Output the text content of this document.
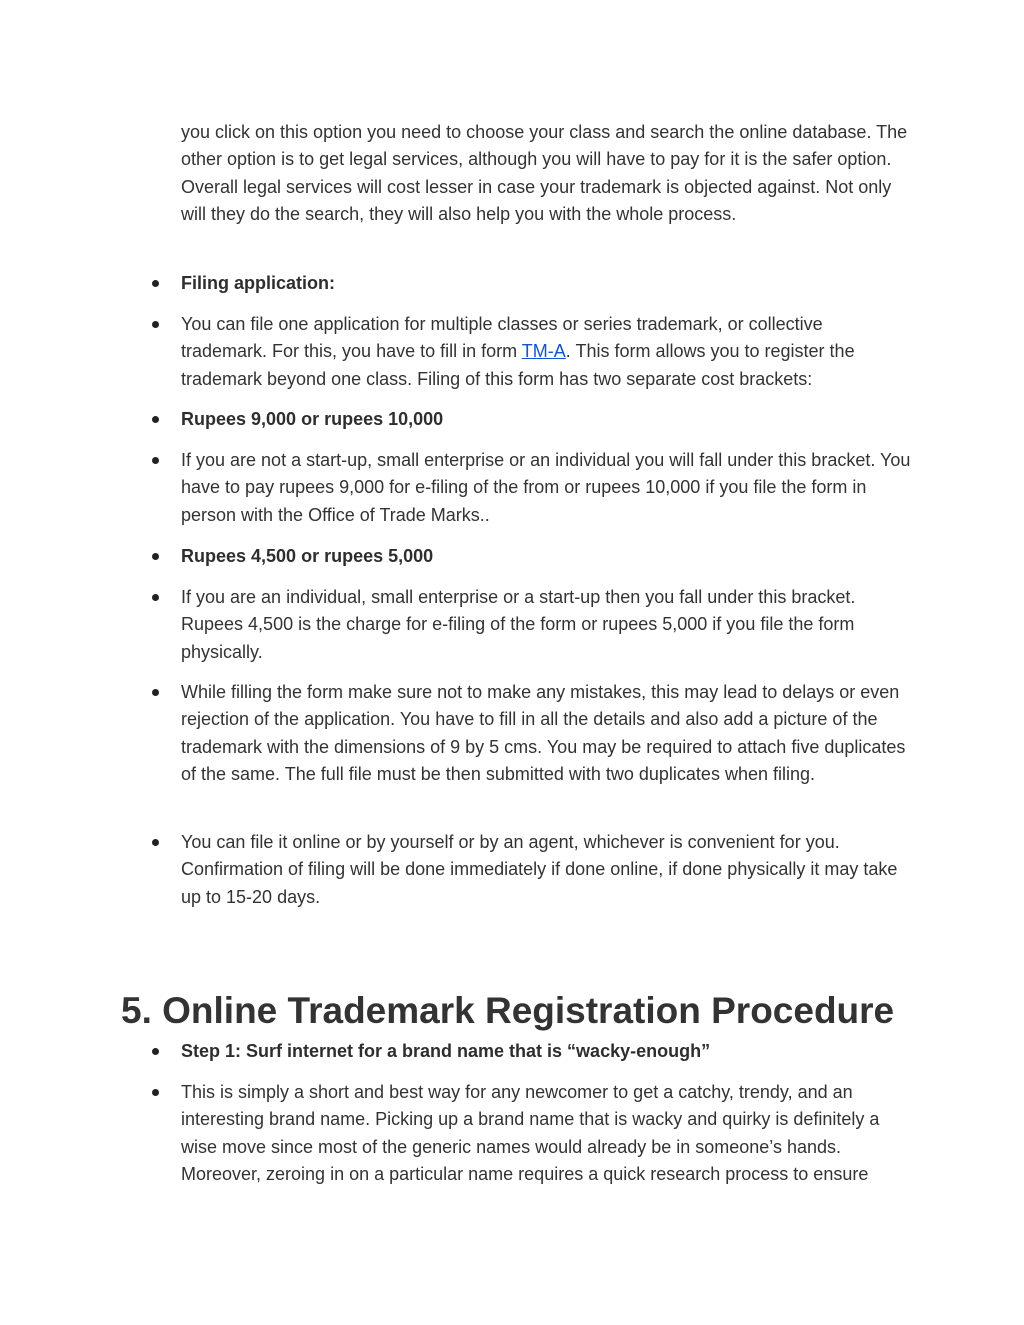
you click on this option you need to choose your class and search the online database. The other option is to get legal services, although you will have to pay for it is the safer option. Overall legal services will cost lesser in case your trademark is objected against. Not only will they do the search, they will also help you with the whole process.

Filing application:
You can file one application for multiple classes or series trademark, or collective trademark. For this, you have to fill in form TM-A. This form allows you to register the trademark beyond one class. Filing of this form has two separate cost brackets:
Rupees 9,000 or rupees 10,000
If you are not a start-up, small enterprise or an individual you will fall under this bracket. You have to pay rupees 9,000 for e-filing of the from or rupees 10,000 if you file the form in person with the Office of Trade Marks..
Rupees 4,500 or rupees 5,000
If you are an individual, small enterprise or a start-up then you fall under this bracket. Rupees 4,500 is the charge for e-filing of the form or rupees 5,000 if you file the form physically.
While filling the form make sure not to make any mistakes, this may lead to delays or even rejection of the application. You have to fill in all the details and also add a picture of the trademark with the dimensions of 9 by 5 cms. You may be required to attach five duplicates of the same. The full file must be then submitted with two duplicates when filing.
You can file it online or by yourself or by an agent, whichever is convenient for you. Confirmation of filing will be done immediately if done online, if done physically it may take up to 15-20 days.
Step 1: Surf internet for a brand name that is “wacky-enough”
This is simply a short and best way for any newcomer to get a catchy, trendy, and an interesting brand name. Picking up a brand name that is wacky and quirky is definitely a wise move since most of the generic names would already be in someone’s hands. Moreover, zeroing in on a particular name requires a quick research process to ensure
5. Online Trademark Registration Procedure
